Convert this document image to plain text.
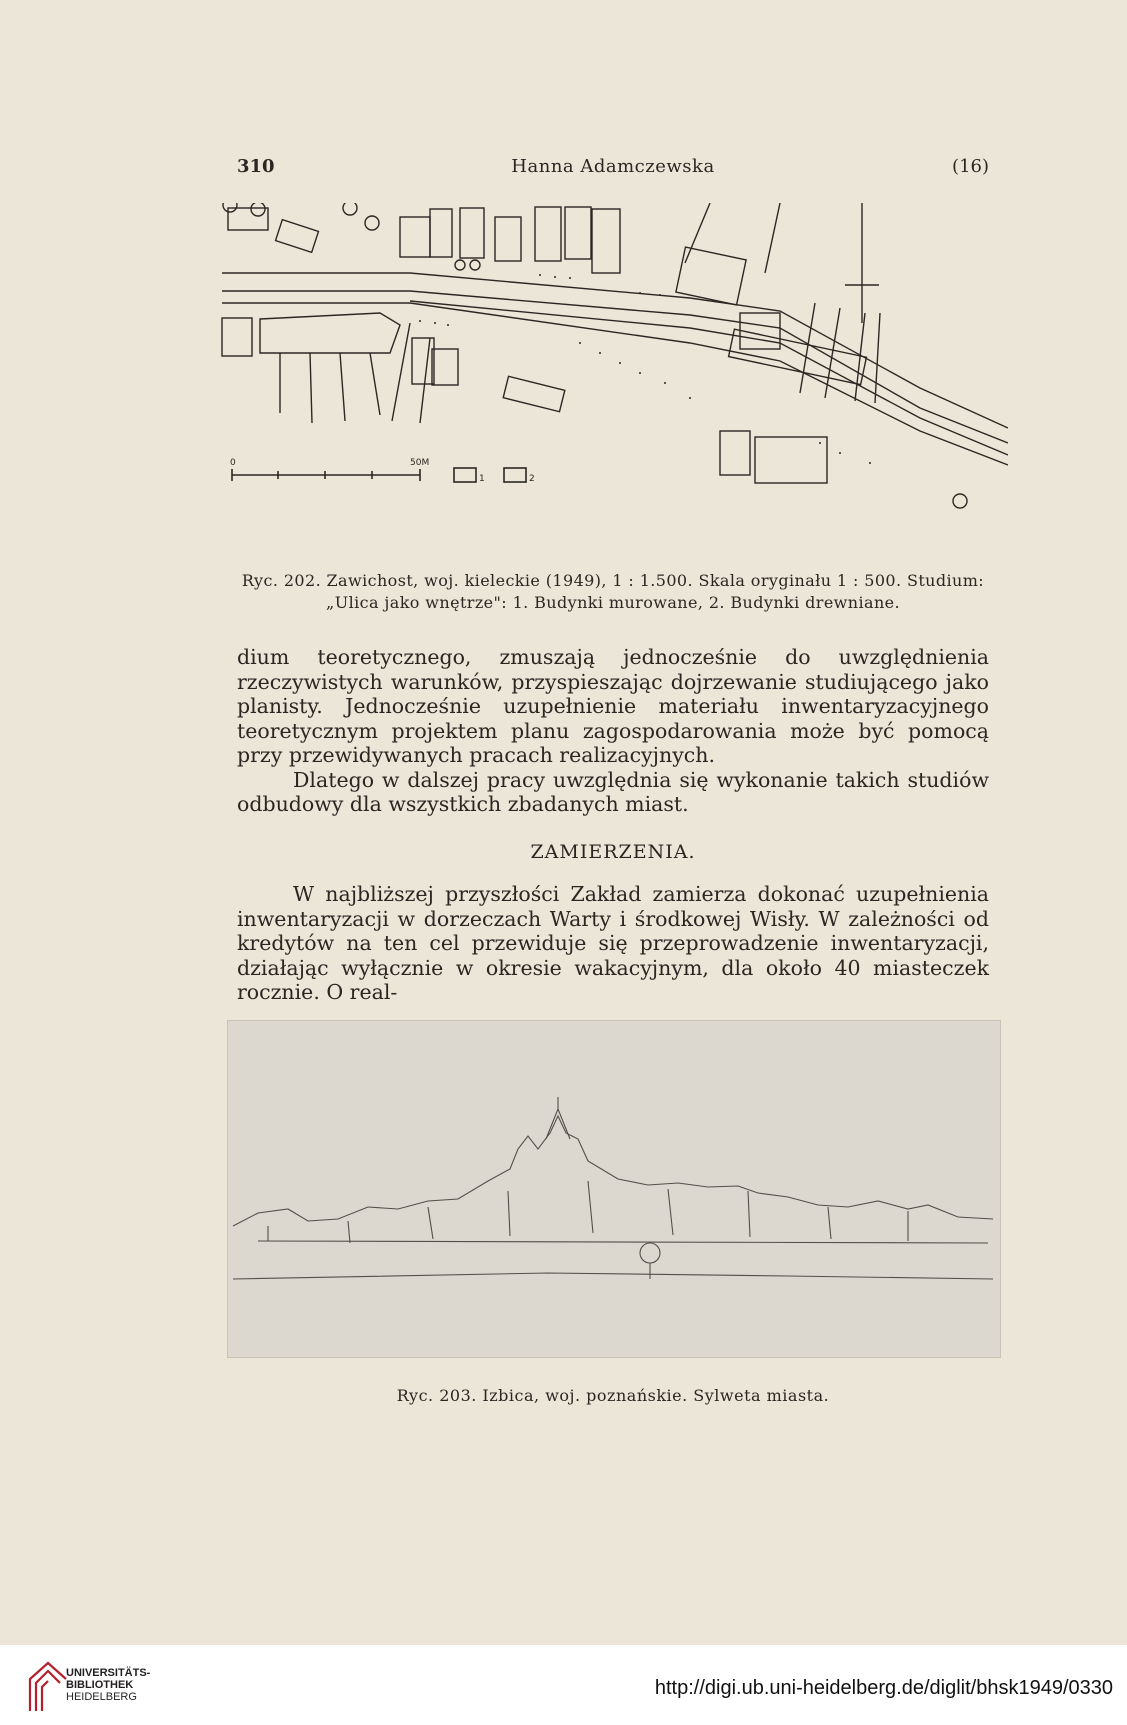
310	Hanna Adamczewska	(16)
0	50M
1	2
Ryc. 202. Zawichost, woj. kieleckie (1949), 1 : 1.500. Skala oryginału 1 : 500. Studium:
„Ulica jako wnętrze": 1. Budynki murowane, 2. Budynki drewniane.

dium teoretycznego, zmuszają jednocześnie do uwzględnienia rzeczywistych warunków, przyspieszając dojrzewanie studiującego jako planisty. Jednocześnie uzupełnienie materiału inwentaryzacyjnego teoretycznym projektem planu zagospodarowania może być pomocą przy przewidywanych pracach realizacyjnych.

Dlatego w dalszej pracy uwzględnia się wykonanie takich studiów odbudowy dla wszystkich zbadanych miast.

ZAMIERZENIA.

W najbliższej przyszłości Zakład zamierza dokonać uzupełnienia inwentaryzacji w dorzeczach Warty i środkowej Wisły. W zależności od kredytów na ten cel przewiduje się przeprowadzenie inwentaryzacji, działając wyłącznie w okresie wakacyjnym, dla około 40 miasteczek rocznie. O real-

Ryc. 203. Izbica, woj. poznańskie. Sylweta miasta.
UNIVERSITÄTS-
BIBLIOTHEK
HEIDELBERG	http://digi.ub.uni-heidelberg.de/diglit/bhsk1949/0330
